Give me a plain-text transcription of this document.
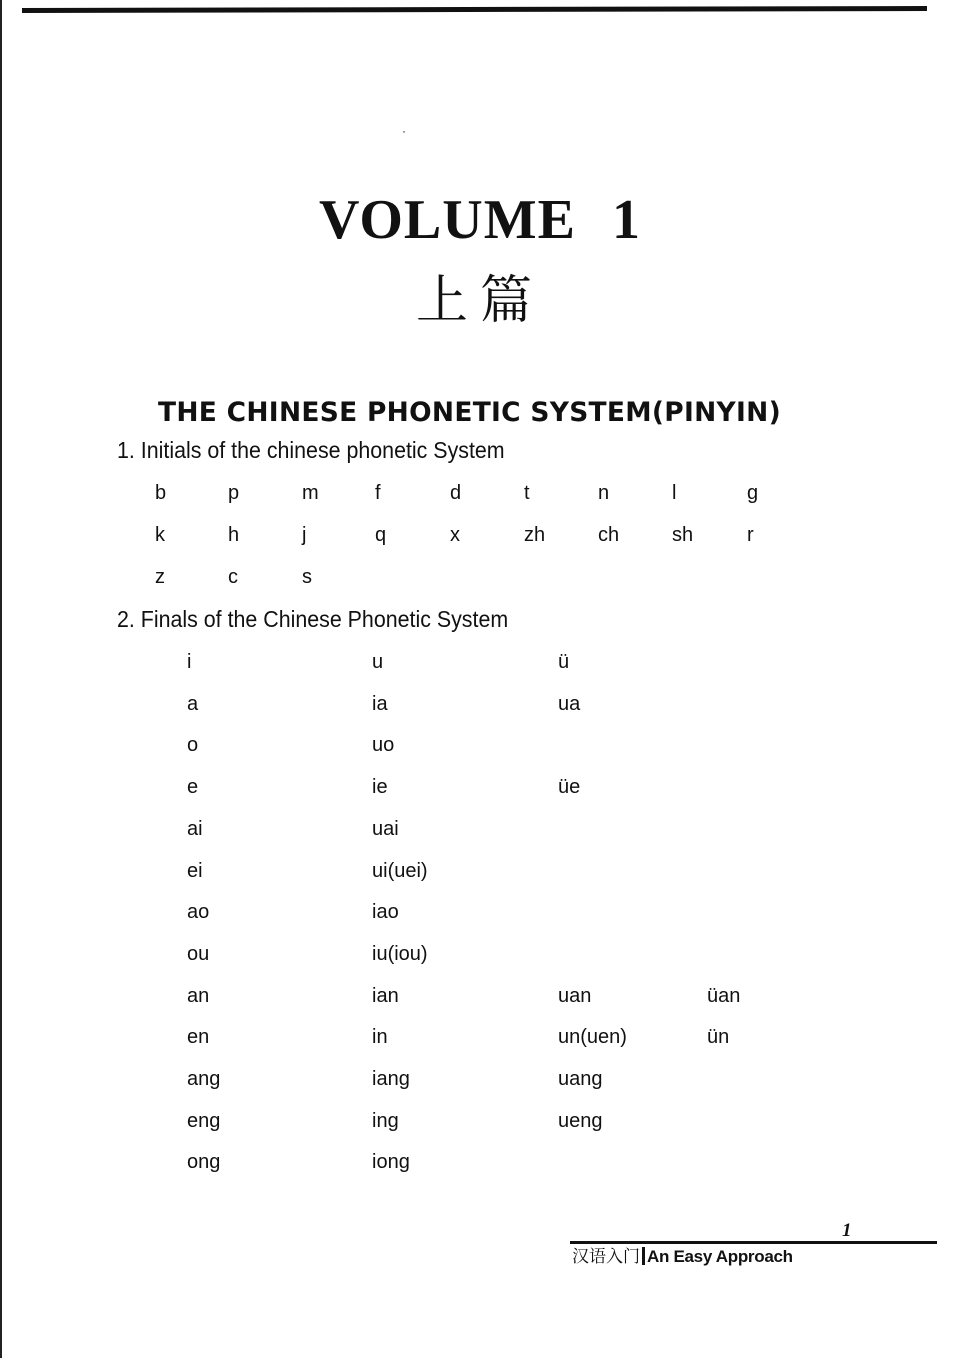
·
VOLUME 1
上篇
THE CHINESE PHONETIC SYSTEM(PINYIN)
1. Initials of the chinese phonetic System
b	p	m	f	d	t	n	l	g
k	h	j	q	x	zh	ch	sh	r
z	c	s
2. Finals of the Chinese Phonetic System
i	u	ü
a	ia	ua
o	uo
e	ie	üe
ai	uai
ei	ui(uei)
ao	iao
ou	iu(iou)
an	ian	uan	üan
en	in	un(uen)	ün
ang	iang	uang
eng	ing	ueng
ong	iong
1
汉语入门 An Easy Approach
